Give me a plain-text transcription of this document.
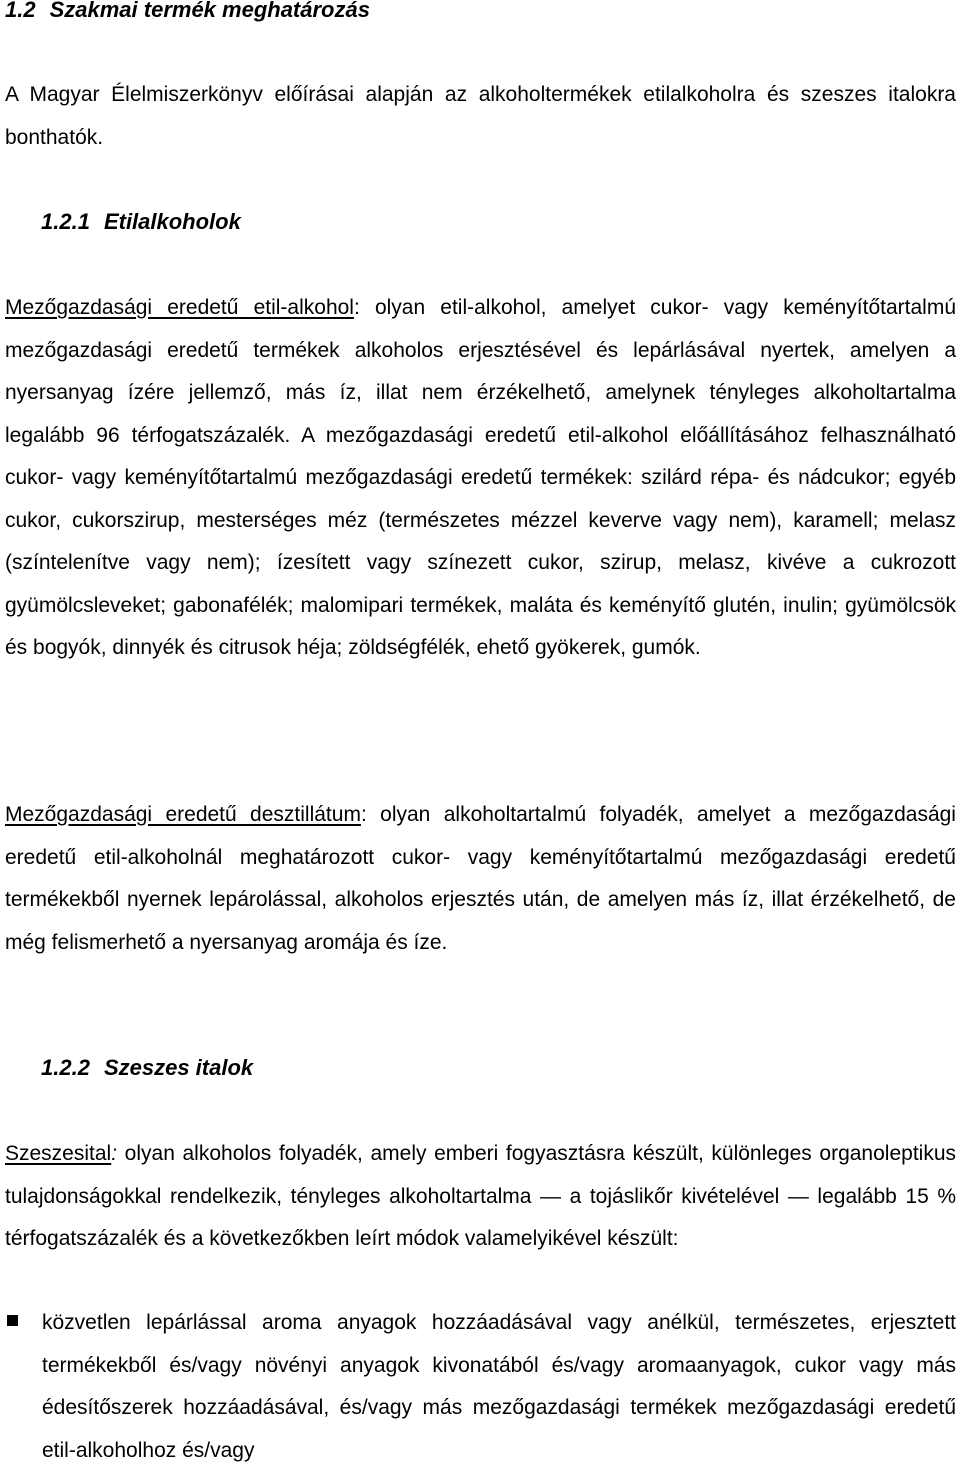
1.2 Szakmai termék meghatározás

A Magyar Élelmiszerkönyv előírásai alapján az alkoholtermékek etilalkoholra és szeszes italokra bonthatók.

1.2.1 Etilalkoholok

Mezőgazdasági eredetű etil-alkohol: olyan etil-alkohol, amelyet cukor- vagy keményítőtartalmú mezőgazdasági eredetű termékek alkoholos erjesztésével és lepárlásával nyertek, amelyen a nyersanyag ízére jellemző, más íz, illat nem érzékelhető, amelynek tényleges alkoholtartalma legalább 96 térfogatszázalék. A mezőgazdasági eredetű etil-alkohol előállításához felhasználható cukor- vagy keményítőtartalmú mezőgazdasági eredetű termékek: szilárd répa- és nádcukor; egyéb cukor, cukorszirup, mesterséges méz (természetes mézzel keverve vagy nem), karamell; melasz (színtelenítve vagy nem); ízesített vagy színezett cukor, szirup, melasz, kivéve a cukrozott gyümölcsleveket; gabonafélék; malomipari termékek, maláta és keményítő glutén, inulin; gyümölcsök és bogyók, dinnyék és citrusok héja; zöldségfélék, ehető gyökerek, gumók.

Mezőgazdasági eredetű desztillátum: olyan alkoholtartalmú folyadék, amelyet a mezőgazdasági eredetű etil-alkoholnál meghatározott cukor- vagy keményítőtartalmú mezőgazdasági eredetű termékekből nyernek lepárolással, alkoholos erjesztés után, de amelyen más íz, illat érzékelhető, de még felismerhető a nyersanyag aromája és íze.

1.2.2 Szeszes italok

Szeszesital: olyan alkoholos folyadék, amely emberi fogyasztásra készült, különleges organoleptikus tulajdonságokkal rendelkezik, tényleges alkoholtartalma — a tojáslikőr kivételével — legalább 15 % térfogatszázalék és a következőkben leírt módok valamelyikével készült:

közvetlen lepárlással aroma anyagok hozzáadásával vagy anélkül, természetes, erjesztett termékekből és/vagy növényi anyagok kivonatából és/vagy aromaanyagok, cukor vagy más édesítőszerek hozzáadásával, és/vagy más mezőgazdasági termékek mezőgazdasági eredetű etil-alkoholhoz és/vagy
